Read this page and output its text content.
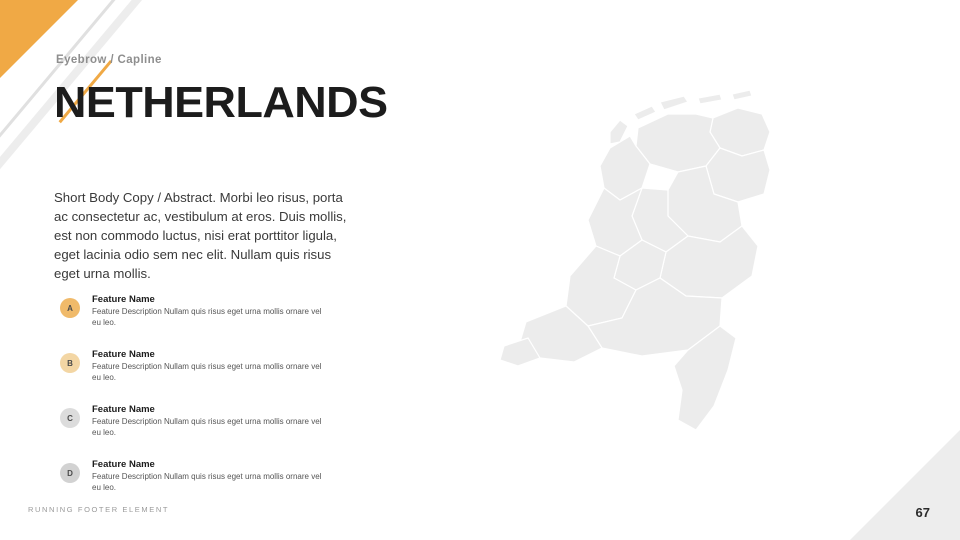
Eyebrow / Capline
NETHERLANDS
Short Body Copy / Abstract. Morbi leo risus, porta ac consectetur ac, vestibulum at eros. Duis mollis, est non commodo luctus, nisi erat porttitor ligula, eget lacinia odio sem nec elit. Nullam quis risus eget urna mollis.
A
Feature Name
Feature Description Nullam quis risus eget urna mollis ornare vel eu leo.
B
Feature Name
Feature Description Nullam quis risus eget urna mollis ornare vel eu leo.
C
Feature Name
Feature Description Nullam quis risus eget urna mollis ornare vel eu leo.
D
Feature Name
Feature Description Nullam quis risus eget urna mollis ornare vel eu leo.
RUNNING FOOTER ELEMENT	67
